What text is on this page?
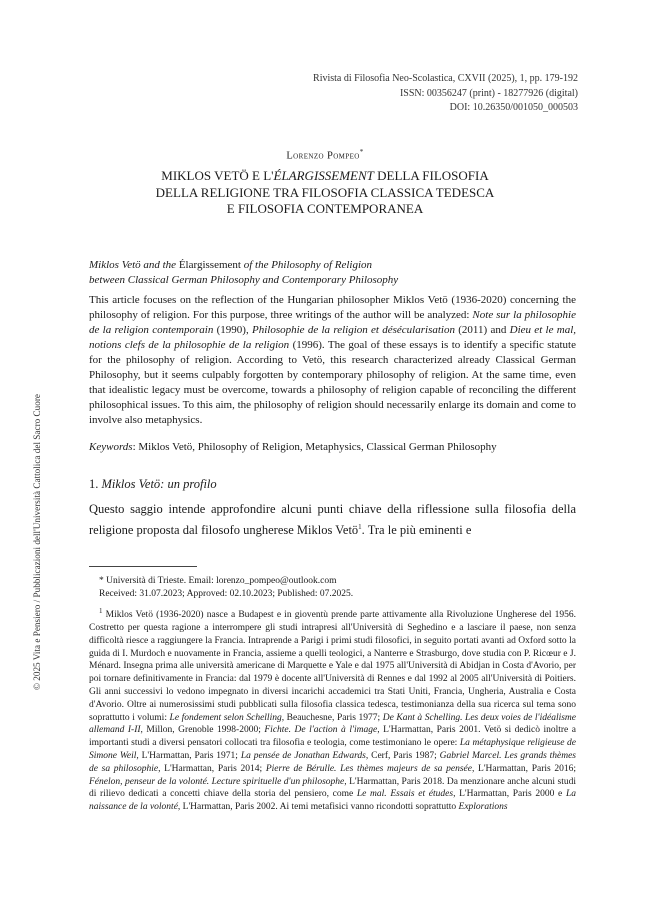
Rivista di Filosofia Neo-Scolastica, CXVII (2025), 1, pp. 179-192
ISSN: 00356247 (print) - 18277926 (digital)
DOI: 10.26350/001050_000503
Lorenzo Pompeo*
MIKLOS VETÖ E L'ÉLARGISSEMENT DELLA FILOSOFIA
DELLA RELIGIONE TRA FILOSOFIA CLASSICA TEDESCA
E FILOSOFIA CONTEMPORANEA
Miklos Vetö and the Élargissement of the Philosophy of Religion
between Classical German Philosophy and Contemporary Philosophy
This article focuses on the reflection of the Hungarian philosopher Miklos Vetö (1936-2020) concerning the philosophy of religion. For this purpose, three writings of the author will be analyzed: Note sur la philosophie de la religion contemporain (1990), Philosophie de la religion et désécularisation (2011) and Dieu et le mal, notions clefs de la philosophie de la religion (1996). The goal of these essays is to identify a specific statute for the philosophy of religion. According to Vetö, this research characterized already Classical German Philosophy, but it seems culpably forgotten by contemporary philosophy of religion. At the same time, even that idealistic legacy must be overcome, towards a philosophy of religion capable of reconciling the different philosophical issues. To this aim, the philosophy of religion should necessarily enlarge its domain and come to involve also metaphysics.
Keywords: Miklos Vetö, Philosophy of Religion, Metaphysics, Classical German Philosophy
1. Miklos Vetö: un profilo
Questo saggio intende approfondire alcuni punti chiave della riflessione sulla filosofia della religione proposta dal filosofo ungherese Miklos Vetö$^1$. Tra le più eminenti e
* Università di Trieste. Email: lorenzo_pompeo@outlook.com
Received: 31.07.2023; Approved: 02.10.2023; Published: 07.2025.
$^1$ Miklos Vetö (1936-2020) nasce a Budapest e in gioventù prende parte attivamente alla Rivoluzione Ungherese del 1956. Costretto per questa ragione a interrompere gli studi intrapresi all'Università di Seghedino e a lasciare il paese, non senza difficoltà riesce a raggiungere la Francia. Intraprende a Parigi i primi studi filosofici, in seguito portati avanti ad Oxford sotto la guida di I. Murdoch e nuovamente in Francia, assieme a quelli teologici, a Nanterre e Strasburgo, dove studia con P. Ricœur e J. Ménard. Insegna prima alle università americane di Marquette e Yale e dal 1975 all'Università di Abidjan in Costa d'Avorio, per poi tornare definitivamente in Francia: dal 1979 è docente all'Università di Rennes e dal 1992 al 2005 all'Università di Poitiers. Gli anni successivi lo vedono impegnato in diversi incarichi accademici tra Stati Uniti, Francia, Ungheria, Australia e Costa d'Avorio. Oltre ai numerosissimi studi pubblicati sulla filosofia classica tedesca, testimonianza della sua ricerca sul tema sono soprattutto i volumi: Le fondement selon Schelling, Beauchesne, Paris 1977; De Kant à Schelling. Les deux voies de l'idéalisme allemand I-II, Millon, Grenoble 1998-2000; Fichte. De l'action à l'image, L'Harmattan, Paris 2001. Vetö si dedicò inoltre a importanti studi a diversi pensatori collocati tra filosofia e teologia, come testimoniano le opere: La métaphysique religieuse de Simone Weil, L'Harmattan, Paris 1971; La pensée de Jonathan Edwards, Cerf, Paris 1987; Gabriel Marcel. Les grands thèmes de sa philosophie, L'Harmattan, Paris 2014; Pierre de Bérulle. Les thèmes majeurs de sa pensée, L'Harmattan, Paris 2016; Fénelon, penseur de la volonté. Lecture spirituelle d'un philosophe, L'Harmattan, Paris 2018. Da menzionare anche alcuni studi di rilievo dedicati a concetti chiave della storia del pensiero, come Le mal. Essais et études, L'Harmattan, Paris 2000 e La naissance de la volonté, L'Harmattan, Paris 2002. Ai temi metafisici vanno ricondotti soprattutto Explorations
© 2025 Vita e Pensiero / Pubblicazioni dell'Università Cattolica del Sacro Cuore
